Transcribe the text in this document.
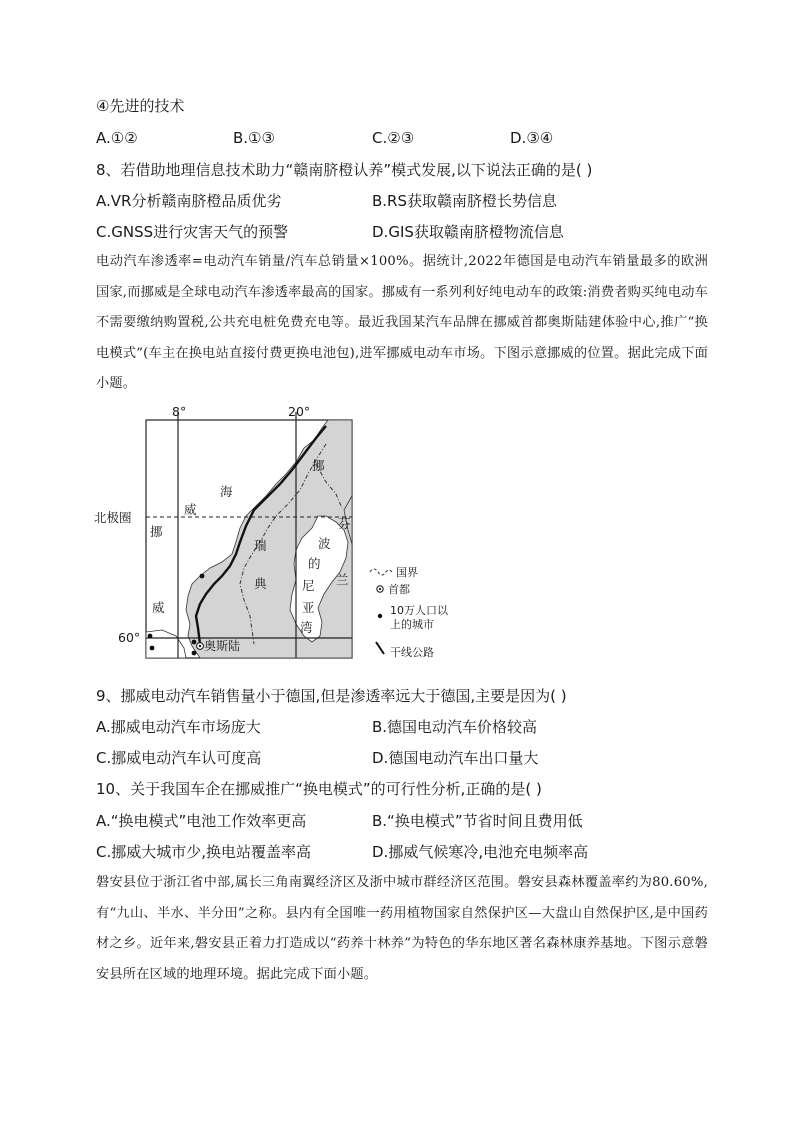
④先进的技术
A.①②	B.①③	C.②③	D.③④
8、若借助地理信息技术助力“赣南脐橙认养”模式发展,以下说法正确的是( )
A.VR分析赣南脐橙品质优劣	B.RS获取赣南脐橙长势信息
C.GNSS进行灾害天气的预警	D.GIS获取赣南脐橙物流信息

电动汽车渗透率=电动汽车销量/汽车总销量×100%。据统计,2022年德国是电动汽车销量最多的欧洲国家,而挪威是全球电动汽车渗透率最高的国家。挪威有一系列利好纯电动车的政策:消费者购买纯电动车不需要缴纳购置税,公共充电桩免费充电等。最近我国某汽车品牌在挪威首都奥斯陆建体验中心,推广“换电模式”(车主在换电站直接付费更换电池包),进军挪威电动车市场。下图示意挪威的位置。据此完成下面小题。

8°	20°
北极圈
60°
海
威
挪
威
挪
瑞
典
波
的
尼
亚
湾
芬
兰
奥斯陆
国界
首都
10万人口以
上的城市
干线公路
9、挪威电动汽车销售量小于德国,但是渗透率远大于德国,主要是因为( )
A.挪威电动汽车市场庞大	B.德国电动汽车价格较高
C.挪威电动汽车认可度高	D.德国电动汽车出口量大
10、关于我国车企在挪威推广“换电模式”的可行性分析,正确的是( )
A.“换电模式”电池工作效率更高	B.“换电模式”节省时间且费用低
C.挪威大城市少,换电站覆盖率高	D.挪威气候寒冷,电池充电频率高

磐安县位于浙江省中部,属长三角南翼经济区及浙中城市群经济区范围。磐安县森林覆盖率约为80.60%,有“九山、半水、半分田”之称。县内有全国唯一药用植物国家自然保护区—大盘山自然保护区,是中国药材之乡。近年来,磐安县正着力打造成以“药养十林养”为特色的华东地区著名森林康养基地。下图示意磐安县所在区域的地理环境。据此完成下面小题。
